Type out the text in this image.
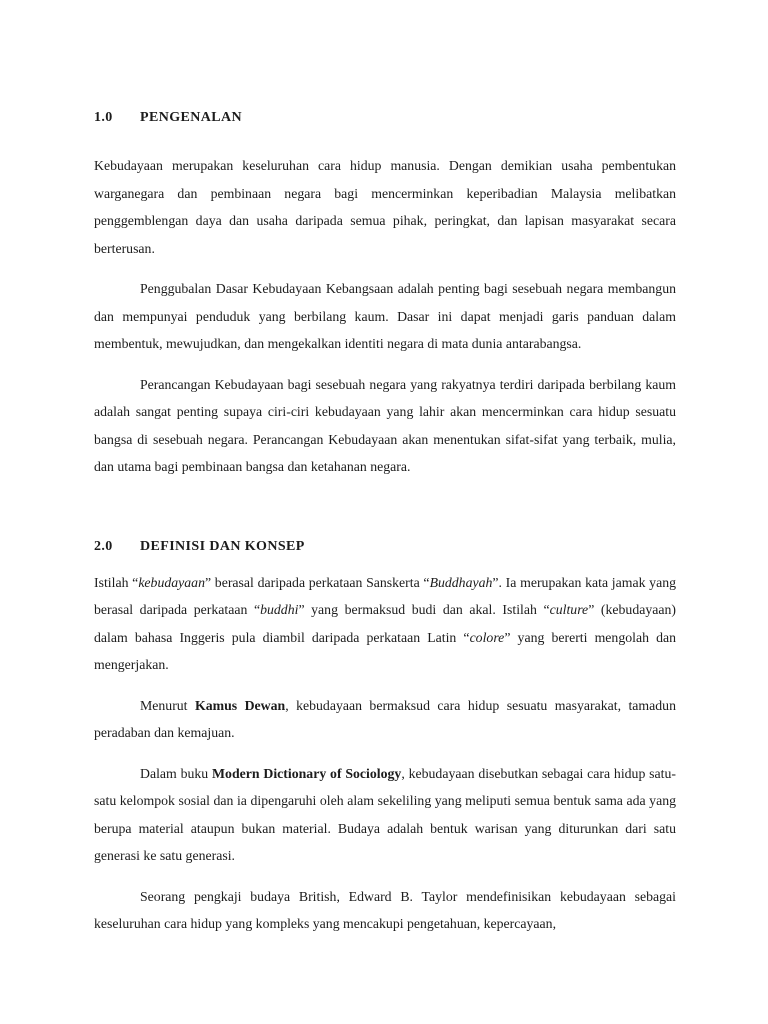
1.0	PENGENALAN

Kebudayaan merupakan keseluruhan cara hidup manusia. Dengan demikian usaha pembentukan warganegara dan pembinaan negara bagi mencerminkan keperibadian Malaysia melibatkan penggemblengan daya dan usaha daripada semua pihak, peringkat, dan lapisan masyarakat secara berterusan.

Penggubalan Dasar Kebudayaan Kebangsaan adalah penting bagi sesebuah negara membangun dan mempunyai penduduk yang berbilang kaum. Dasar ini dapat menjadi garis panduan dalam membentuk, mewujudkan, dan mengekalkan identiti negara di mata dunia antarabangsa.

Perancangan Kebudayaan bagi sesebuah negara yang rakyatnya terdiri daripada berbilang kaum adalah sangat penting supaya ciri-ciri kebudayaan yang lahir akan mencerminkan cara hidup sesuatu bangsa di sesebuah negara. Perancangan Kebudayaan akan menentukan sifat-sifat yang terbaik, mulia, dan utama bagi pembinaan bangsa dan ketahanan negara.

2.0	DEFINISI DAN KONSEP

Istilah “kebudayaan” berasal daripada perkataan Sanskerta “Buddhayah”. Ia merupakan kata jamak yang berasal daripada perkataan “buddhi” yang bermaksud budi dan akal. Istilah “culture” (kebudayaan) dalam bahasa Inggeris pula diambil daripada perkataan Latin “colore” yang bererti mengolah dan mengerjakan.

Menurut Kamus Dewan, kebudayaan bermaksud cara hidup sesuatu masyarakat, tamadun peradaban dan kemajuan.

Dalam buku Modern Dictionary of Sociology, kebudayaan disebutkan sebagai cara hidup satu-satu kelompok sosial dan ia dipengaruhi oleh alam sekeliling yang meliputi semua bentuk sama ada yang berupa material ataupun bukan material. Budaya adalah bentuk warisan yang diturunkan dari satu generasi ke satu generasi.

Seorang pengkaji budaya British, Edward B. Taylor mendefinisikan kebudayaan sebagai keseluruhan cara hidup yang kompleks yang mencakupi pengetahuan, kepercayaan,
